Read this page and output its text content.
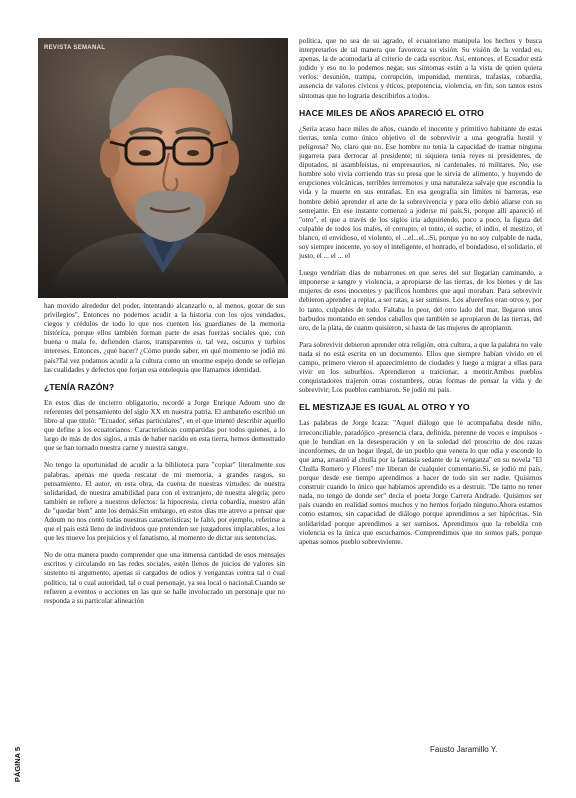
REVISTA SEMANAL

han movido alrededor del poder, intentando alcanzarlo o, al menos, gozar de sus privilegios". Entonces no podemos acudir a la historia con los ojos vendados, ciegos y crédulos de todo lo que nos cuenten los guardianes de la memoria histórica, porque ellos también forman parte de esas fuerzas sociales que, con buena o mala fe, defienden claros, transparentes o, tal vez, oscuros y turbios intereses. Entonces, ¿qué hacer? ¿Cómo puedo saber, en qué momento se jodió mi país?Tal vez podamos acudir a la cultura como un enorme espejo donde se reflejan las cualidades y defectos que forjan esa entelequia que llamamos identidad.

¿TENÍA RAZÓN?

En estos días de encierro obligatorio, recordé a Jorge Enrique Adoum uno de referentes del pensamiento del siglo XX en nuestra patria. El ambateño escribió un libro al que tituló: "Ecuador, señas particulares", en el que intentó describir aquello que define a los ecuatorianos. Características compartidas por todos quienes, a lo largo de más de dos siglos, a más de haber nacido en esta tierra, hemos demostrado que se han tornado nuestra carne y nuestra sangre.

No tengo la oportunidad de acudir a la biblioteca para "copiar" literalmente sus palabras, apenas me queda rescatar de mi memoria, a grandes rasgos, su pensamiento. El autor, en esta obra, da cuenta de nuestras virtudes: de nuestra solidaridad, de nuestra amabilidad para con el extranjero, de nuestra alegría; pero también se refiere a nuestros defectos: la hipocresía, cierta cobardía, nuestro afán de "quedar bien" ante los demás.Sin embargo, en estos días me atrevo a pensar que Adoum no nos contó todas nuestras características; le faltó, por ejemplo, referirse a que el país está lleno de individuos que pretenden ser juzgadores implacables, a los que les mueve los prejuicios y el fanatismo, al momento de dictar sus sentencias.

No de otra manera puedo comprender que una inmensa cantidad de esos mensajes escritos y circulando en las redes sociales, estén llenos de juicios de valores sin sustento ni argumento, apenas sí cargados de odios y venganzas contra tal o cual político, tal o cual autoridad, tal o cual personaje, ya sea local o nacional.Cuando se refieren a eventos o acciones en las que se halle involucrado un personaje que no responda a su particular alineación

política, que no sea de su agrado, el ecuatoriano manipula los hechos y busca interpretarlos de tal manera que favorezca su visión. Su visión de la verdad es, apenas, la de acomodarla al criterio de cada escritor. Así, entonces, el Ecuador está jodido y eso no lo podemos negar, sus síntomas están a la vista de quien quiera verlos: desunión, trampa, corrupción, impunidad, mentiras, trafasías, cobardía, ausencia de valores cívicos y éticos, prepotencia, violencia, en fin, son tantos estos síntomas que no lograría describirlos a todos.

HACE MILES DE AÑOS APARECIÓ EL OTRO

¿Sería acaso hace miles de años, cuando el inocente y primitivo habitante de estas tierras, tenía como único objetivo el de sobrevivir a una geografía hostil y peligrosa? No, claro que no. Ese hombre no tenía la capacidad de tramar ninguna jugarreta para derrocar al presidente; ni siquiera tenía reyes ni presidentes, de diputados, ni asambleístas, ni empresaurios, ni cardenales, ni militares. No, ese hombre solo vivía corriendo tras su presa que le sirvía de alimento, y huyendo de erupciones volcánicas, terribles terremotos y una naturaleza salvaje que escondía la vida y la muerte en sus entrañas. En esa geografía sin límites ni barreras, ese hombre debió aprender el arte de la sobrevivencia y para ello debió aliarse con su semejante. En ese instante comenzó a joderse mi país.Si, porque allí apareció el "otro", el que a través de los siglos iría adquiriendo, poco a poco, la figura del culpable de todos los males, el corrupto, el tonto, el suche, el indio, el mestizo, el blanco, el envidioso, el violento, el ...el...el...Si, porque yo no soy culpable de nada, soy siempre inocente, yo soy el inteligente, el honrado, el bondadoso, el solidario, el justo, el ... el ... el

Luego vendrían días de nubarrones en que seres del sur llegarían caminando, a imponerse a sangre y violencia, a apropiarse de las tierras, de los bienes y de las mujeres de esos inocentes y pacíficos hombres que aquí moraban. Para sobrevivir debieron aprender a reptar, a ser ratas, a ser sumisos. Los afuereños eran otros y, por lo tanto, culpables de todo. Faltaba lo peor, del otro lado del mar, llegaron unos barbudos montando en sendos caballos que también se apropiaron de las tierras, del oro, de la plata, de cuanto quisieron, si hasta de las mujeres de apropiaron.

Para sobrevivir debieron aprender otra religión, otra cultura, a que la palabra no vale nada si no está escrita en un documento. Ellos que siempre habían vivido en el campo, primero vieron el aparecimiento de ciudades y luego a migrar a ellas para vivir en los suburbios. Aprendieron a traicionar, a mentir.Ambos pueblos conquistadores trajeron otras costumbres, otras formas de pensar la vida y de sobrevivir; Los pueblos cambiaron. Se jodió mi país.

EL MESTIZAJE ES IGUAL AL OTRO Y YO

Las palabras de Jorge Icaza: "Aquel diálogo que le acompañaba desde niño, irreconciliable, paradójico -presencia clara, definida, perenne de voces e impulsos - que le hundían en la desesperación y en la soledad del proscrito de dos razas inconformes, de un hogar ilegal, de un pueblo que venera lo que odia y esconde lo que ama, arrastró al chulla por la fantasía sedante de la venganza" en su novela "El Chulla Romero y Flores" me liberan de cualquier comentario.Si, se jodió mi país, porque desde ese tiempo aprendimos a hacer de todo sin ser nadie. Quisimos construir cuando lo único que habíamos aprendido es a destruir. "De tanto no tener nada, no tengo de donde ser" decía el poeta Jorge Carrera Andrade. Quisimos ser país cuando en realidad somos muchos y no hemos forjado ninguno.Ahora estamos como estamos, sin capacidad de diálogo porque aprendimos a ser hipócritas. Sin solidaridad porque aprendimos a ser sumisos. Aprendimos que la rebeldía con violencia es la única que escuchamos. Comprendimos que no somos país, porque apenas somos pueblo sobreviviente.

PÁGINA 5	Fausto Jaramillo Y.
